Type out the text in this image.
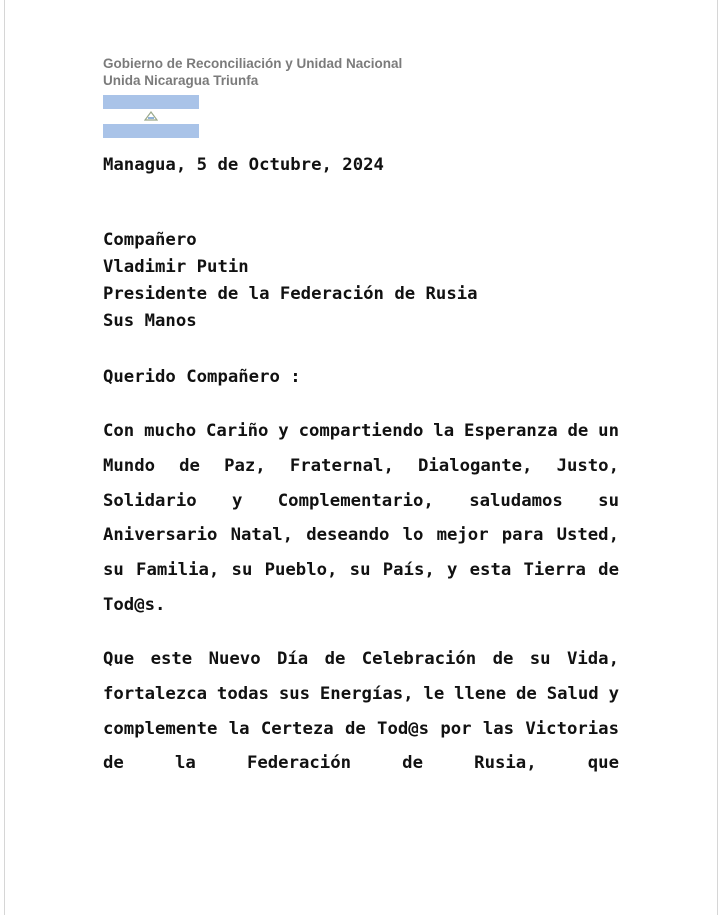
Gobierno de Reconciliación y Unidad Nacional
Unida Nicaragua Triunfa
Managua, 5 de Octubre, 2024
Compañero
Vladimir Putin
Presidente de la Federación de Rusia
Sus Manos
Querido Compañero :
Con mucho Cariño y compartiendo la Esperanza de un Mundo de Paz, Fraternal, Dialogante, Justo, Solidario y Complementario, saludamos su Aniversario Natal, deseando lo mejor para Usted, su Familia, su Pueblo, su País, y esta Tierra de Tod@s.
Que este Nuevo Día de Celebración de su Vida, fortalezca todas sus Energías, le llene de Salud y complemente la Certeza de Tod@s por las Victorias de la Federación de Rusia, que
